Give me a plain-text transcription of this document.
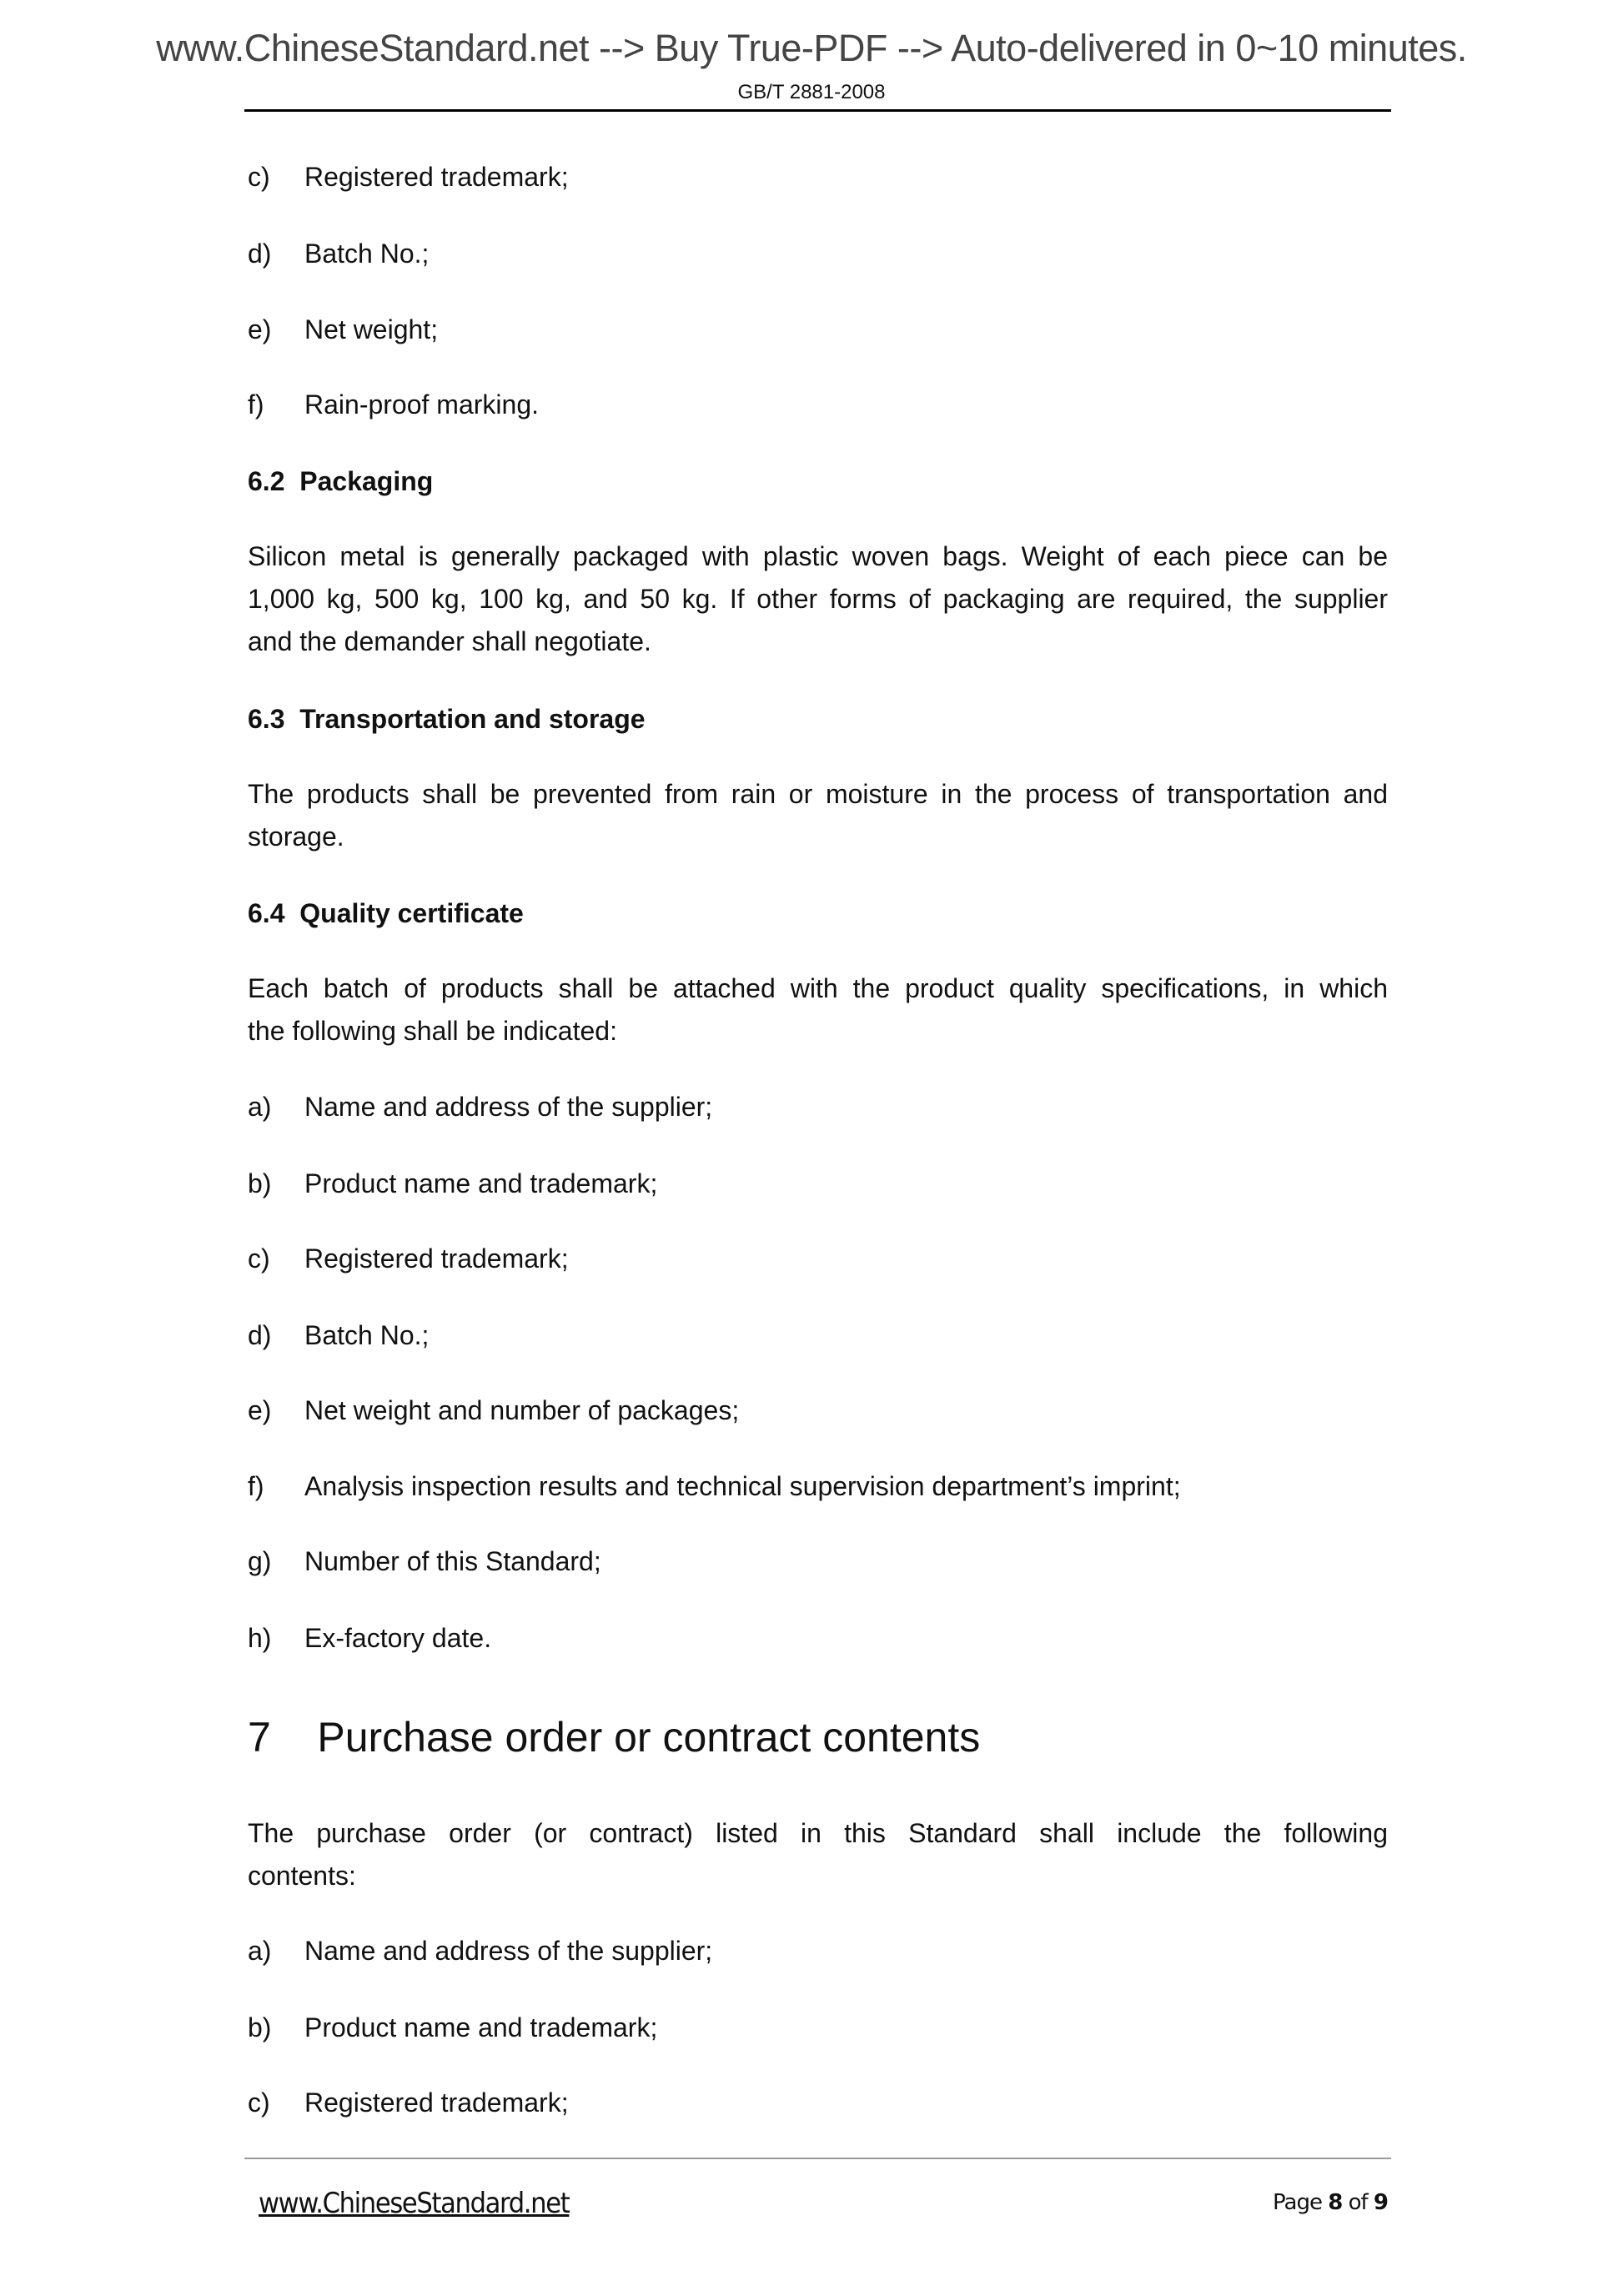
www.ChineseStandard.net --> Buy True-PDF --> Auto-delivered in 0~10 minutes.
GB/T 2881-2008
c) Registered trademark;
d) Batch No.;
e) Net weight;
f) Rain-proof marking.
6.2  Packaging
Silicon metal is generally packaged with plastic woven bags. Weight of each piece can be
1,000 kg, 500 kg, 100 kg, and 50 kg. If other forms of packaging are required, the supplier
and the demander shall negotiate.
6.3  Transportation and storage
The products shall be prevented from rain or moisture in the process of transportation and
storage.
6.4  Quality certificate
Each batch of products shall be attached with the product quality specifications, in which
the following shall be indicated:
a) Name and address of the supplier;
b) Product name and trademark;
c) Registered trademark;
d) Batch No.;
e) Net weight and number of packages;
f) Analysis inspection results and technical supervision department’s imprint;
g) Number of this Standard;
h) Ex-factory date.
7    Purchase order or contract contents
The purchase order (or contract) listed in this Standard shall include the following
contents:
a) Name and address of the supplier;
b) Product name and trademark;
c) Registered trademark;
www.ChineseStandard.net	Page 8 of 9
